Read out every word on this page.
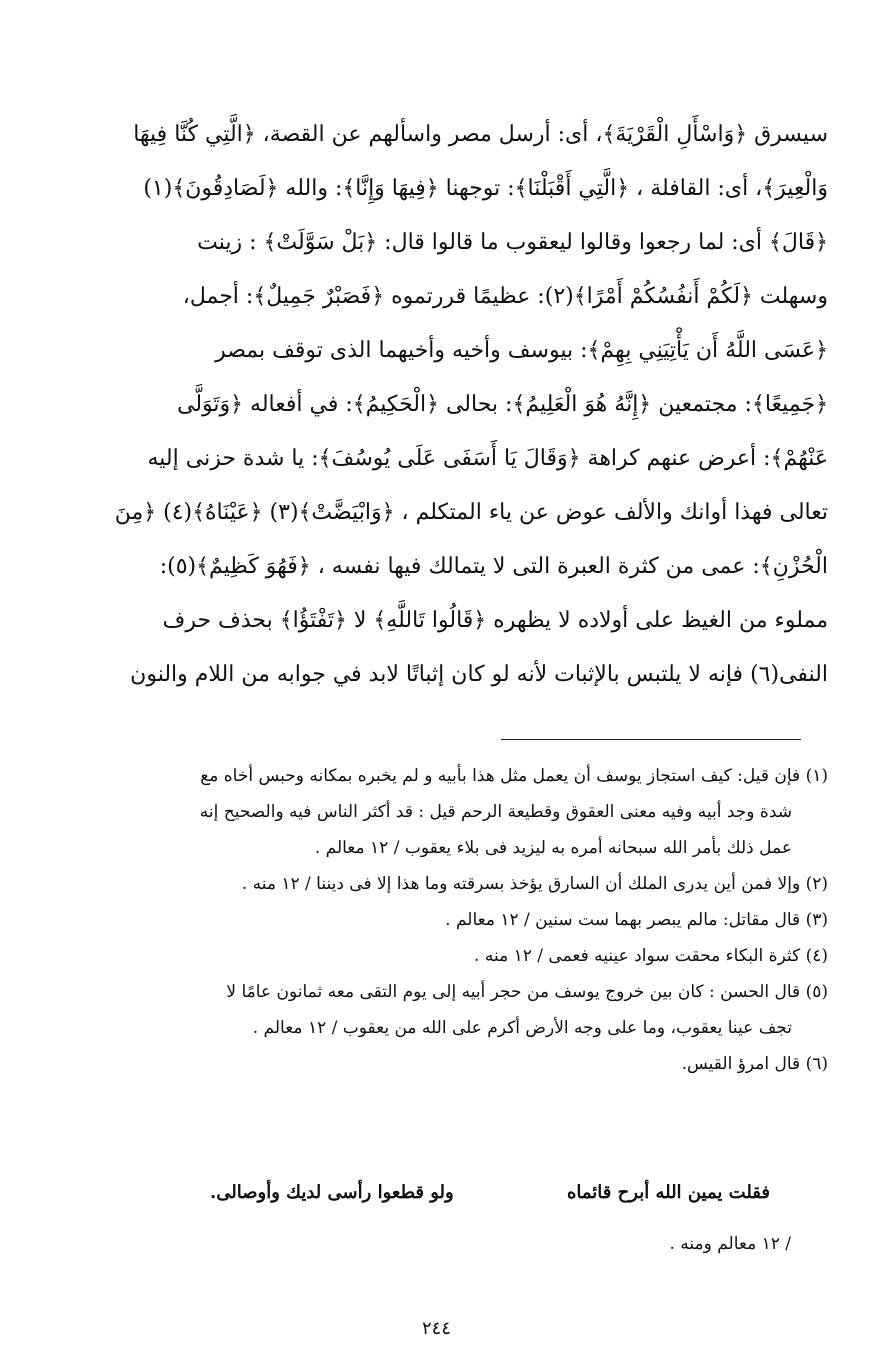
سيسرق ﴿وَاسْأَلِ الْقَرْيَةَ﴾، أى: أرسل مصر واسألهم عن القصة، ﴿الَّتِي كُنَّا فِيهَا
وَالْعِيرَ﴾، أى: القافلة ، ﴿الَّتِي أَقْبَلْنَا﴾: توجهنا ﴿فِيهَا وَإِنَّا﴾: والله ﴿لَصَادِقُونَ﴾(١)
﴿قَالَ﴾ أى: لما رجعوا وقالوا ليعقوب ما قالوا قال: ﴿بَلْ سَوَّلَتْ﴾ : زينت
وسهلت ﴿لَكُمْ أَنفُسُكُمْ أَمْرًا﴾(٢): عظيمًا قررتموه ﴿فَصَبْرٌ جَمِيلٌ﴾: أجمل،
﴿عَسَى اللَّهُ أَن يَأْتِيَنِي بِهِمْ﴾: بيوسف وأخيه وأخيهما الذى توقف بمصر
﴿جَمِيعًا﴾: مجتمعين ﴿إِنَّهُ هُوَ الْعَلِيمُ﴾: بحالى ﴿الْحَكِيمُ﴾: في أفعاله ﴿وَتَوَلَّى
عَنْهُمْ﴾: أعرض عنهم كراهة ﴿وَقَالَ يَا أَسَفَى عَلَى يُوسُفَ﴾: يا شدة حزنى إليه
تعالى فهذا أوانك والألف عوض عن ياء المتكلم ، ﴿وَابْيَضَّتْ﴾(٣) ﴿عَيْنَاهُ﴾(٤) ﴿مِنَ
الْحُزْنِ﴾: عمى من كثرة العبرة التى لا يتمالك فيها نفسه ، ﴿فَهُوَ كَظِيمٌ﴾(٥):
مملوء من الغيظ على أولاده لا يظهره ﴿قَالُوا تَاللَّهِ﴾ لا ﴿تَفْتَؤُا﴾ بحذف حرف
النفى(٦) فإنه لا يلتبس بالإثبات لأنه لو كان إثباتًا لابد في جوابه من اللام والنون
(١) فإن قيل: كيف استجاز يوسف أن يعمل مثل هذا بأبيه و لم يخبره بمكانه وحبس أخاه مع
شدة وجد أبيه وفيه معنى العقوق وقطيعة الرحم قيل : قد أكثر الناس فيه والصحيح إنه
عمل ذلك بأمر الله سبحانه أمره به ليزيد فى بلاء يعقوب / ١٢ معالم .
(٢) وإلا فمن أين يدرى الملك أن السارق يؤخذ بسرقته وما هذا إلا فى ديننا / ١٢ منه .
(٣) قال مقاتل: مالم يبصر بهما ست سنين / ١٢ معالم .
(٤) كثرة البكاء محقت سواد عينيه فعمى / ١٢ منه .
(٥) قال الحسن : كان بين خروج يوسف من حجر أبيه إلى يوم التقى معه ثمانون عامًا لا
تجف عينا يعقوب، وما على وجه الأرض أكرم على الله من يعقوب / ١٢ معالم .
(٦) قال امرؤ القيس.
فقلت يمين الله أبرح قائماه
ولو قطعوا رأسى لديك وأوصالى.
/ ١٢ معالم ومنه .
٢٤٤
